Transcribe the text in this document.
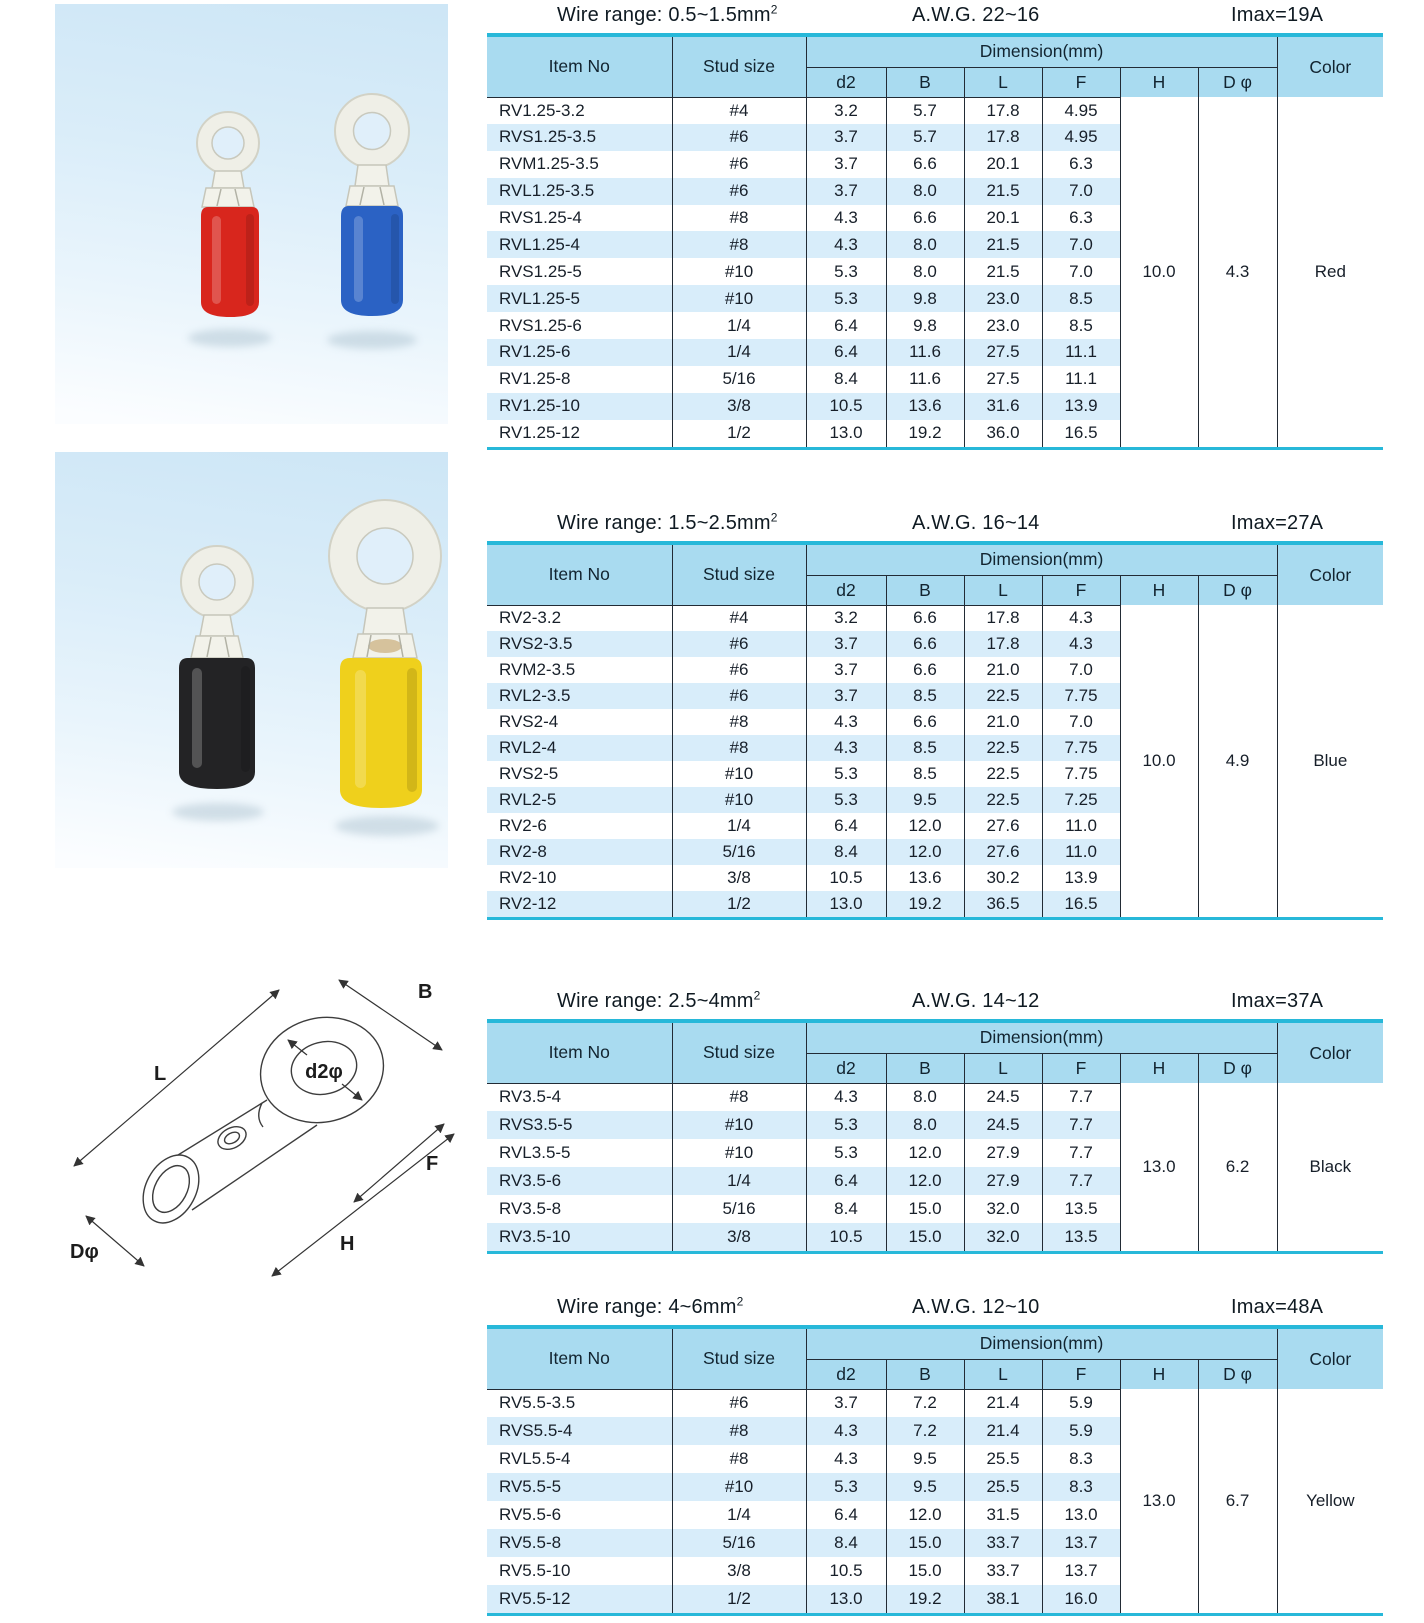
L
B
F
H
Dφ
d2φ
Wire range: $0.5\sim 1.5mm^2$	A.W.G. 22~16	Imax=19A
Item No	Stud size	Dimension(mm)						Color
		d2	B	L	F	H	D φ	
RV1.25-3.2	#4	3.2	5.7	17.8	4.95	10.0	4.3	Red
RVS1.25-3.5	#6	3.7	5.7	17.8	4.95			
RVM1.25-3.5	#6	3.7	6.6	20.1	6.3			
RVL1.25-3.5	#6	3.7	8.0	21.5	7.0			
RVS1.25-4	#8	4.3	6.6	20.1	6.3			
RVL1.25-4	#8	4.3	8.0	21.5	7.0			
RVS1.25-5	#10	5.3	8.0	21.5	7.0			
RVL1.25-5	#10	5.3	9.8	23.0	8.5			
RVS1.25-6	1/4	6.4	9.8	23.0	8.5			
RV1.25-6	1/4	6.4	11.6	27.5	11.1			
RV1.25-8	5/16	8.4	11.6	27.5	11.1			
RV1.25-10	3/8	10.5	13.6	31.6	13.9			
RV1.25-12	1/2	13.0	19.2	36.0	16.5			
Wire range: $1.5\sim 2.5mm^2$	A.W.G. 16~14	Imax=27A
Item No	Stud size	Dimension(mm)						Color
		d2	B	L	F	H	D φ	
RV2-3.2	#4	3.2	6.6	17.8	4.3	10.0	4.9	Blue
RVS2-3.5	#6	3.7	6.6	17.8	4.3			
RVM2-3.5	#6	3.7	6.6	21.0	7.0			
RVL2-3.5	#6	3.7	8.5	22.5	7.75			
RVS2-4	#8	4.3	6.6	21.0	7.0			
RVL2-4	#8	4.3	8.5	22.5	7.75			
RVS2-5	#10	5.3	8.5	22.5	7.75			
RVL2-5	#10	5.3	9.5	22.5	7.25			
RV2-6	1/4	6.4	12.0	27.6	11.0			
RV2-8	5/16	8.4	12.0	27.6	11.0			
RV2-10	3/8	10.5	13.6	30.2	13.9			
RV2-12	1/2	13.0	19.2	36.5	16.5			
Wire range: $2.5\sim 4mm^2$	A.W.G. 14~12	Imax=37A
Item No	Stud size	Dimension(mm)						Color
		d2	B	L	F	H	D φ	
RV3.5-4	#8	4.3	8.0	24.5	7.7	13.0	6.2	Black
RVS3.5-5	#10	5.3	8.0	24.5	7.7			
RVL3.5-5	#10	5.3	12.0	27.9	7.7			
RV3.5-6	1/4	6.4	12.0	27.9	7.7			
RV3.5-8	5/16	8.4	15.0	32.0	13.5			
RV3.5-10	3/8	10.5	15.0	32.0	13.5			
Wire range: $4\sim 6mm^2$	A.W.G. 12~10	Imax=48A
Item No	Stud size	Dimension(mm)						Color
		d2	B	L	F	H	D φ	
RV5.5-3.5	#6	3.7	7.2	21.4	5.9	13.0	6.7	Yellow
RVS5.5-4	#8	4.3	7.2	21.4	5.9			
RVL5.5-4	#8	4.3	9.5	25.5	8.3			
RV5.5-5	#10	5.3	9.5	25.5	8.3			
RV5.5-6	1/4	6.4	12.0	31.5	13.0			
RV5.5-8	5/16	8.4	15.0	33.7	13.7			
RV5.5-10	3/8	10.5	15.0	33.7	13.7			
RV5.5-12	1/2	13.0	19.2	38.1	16.0			
